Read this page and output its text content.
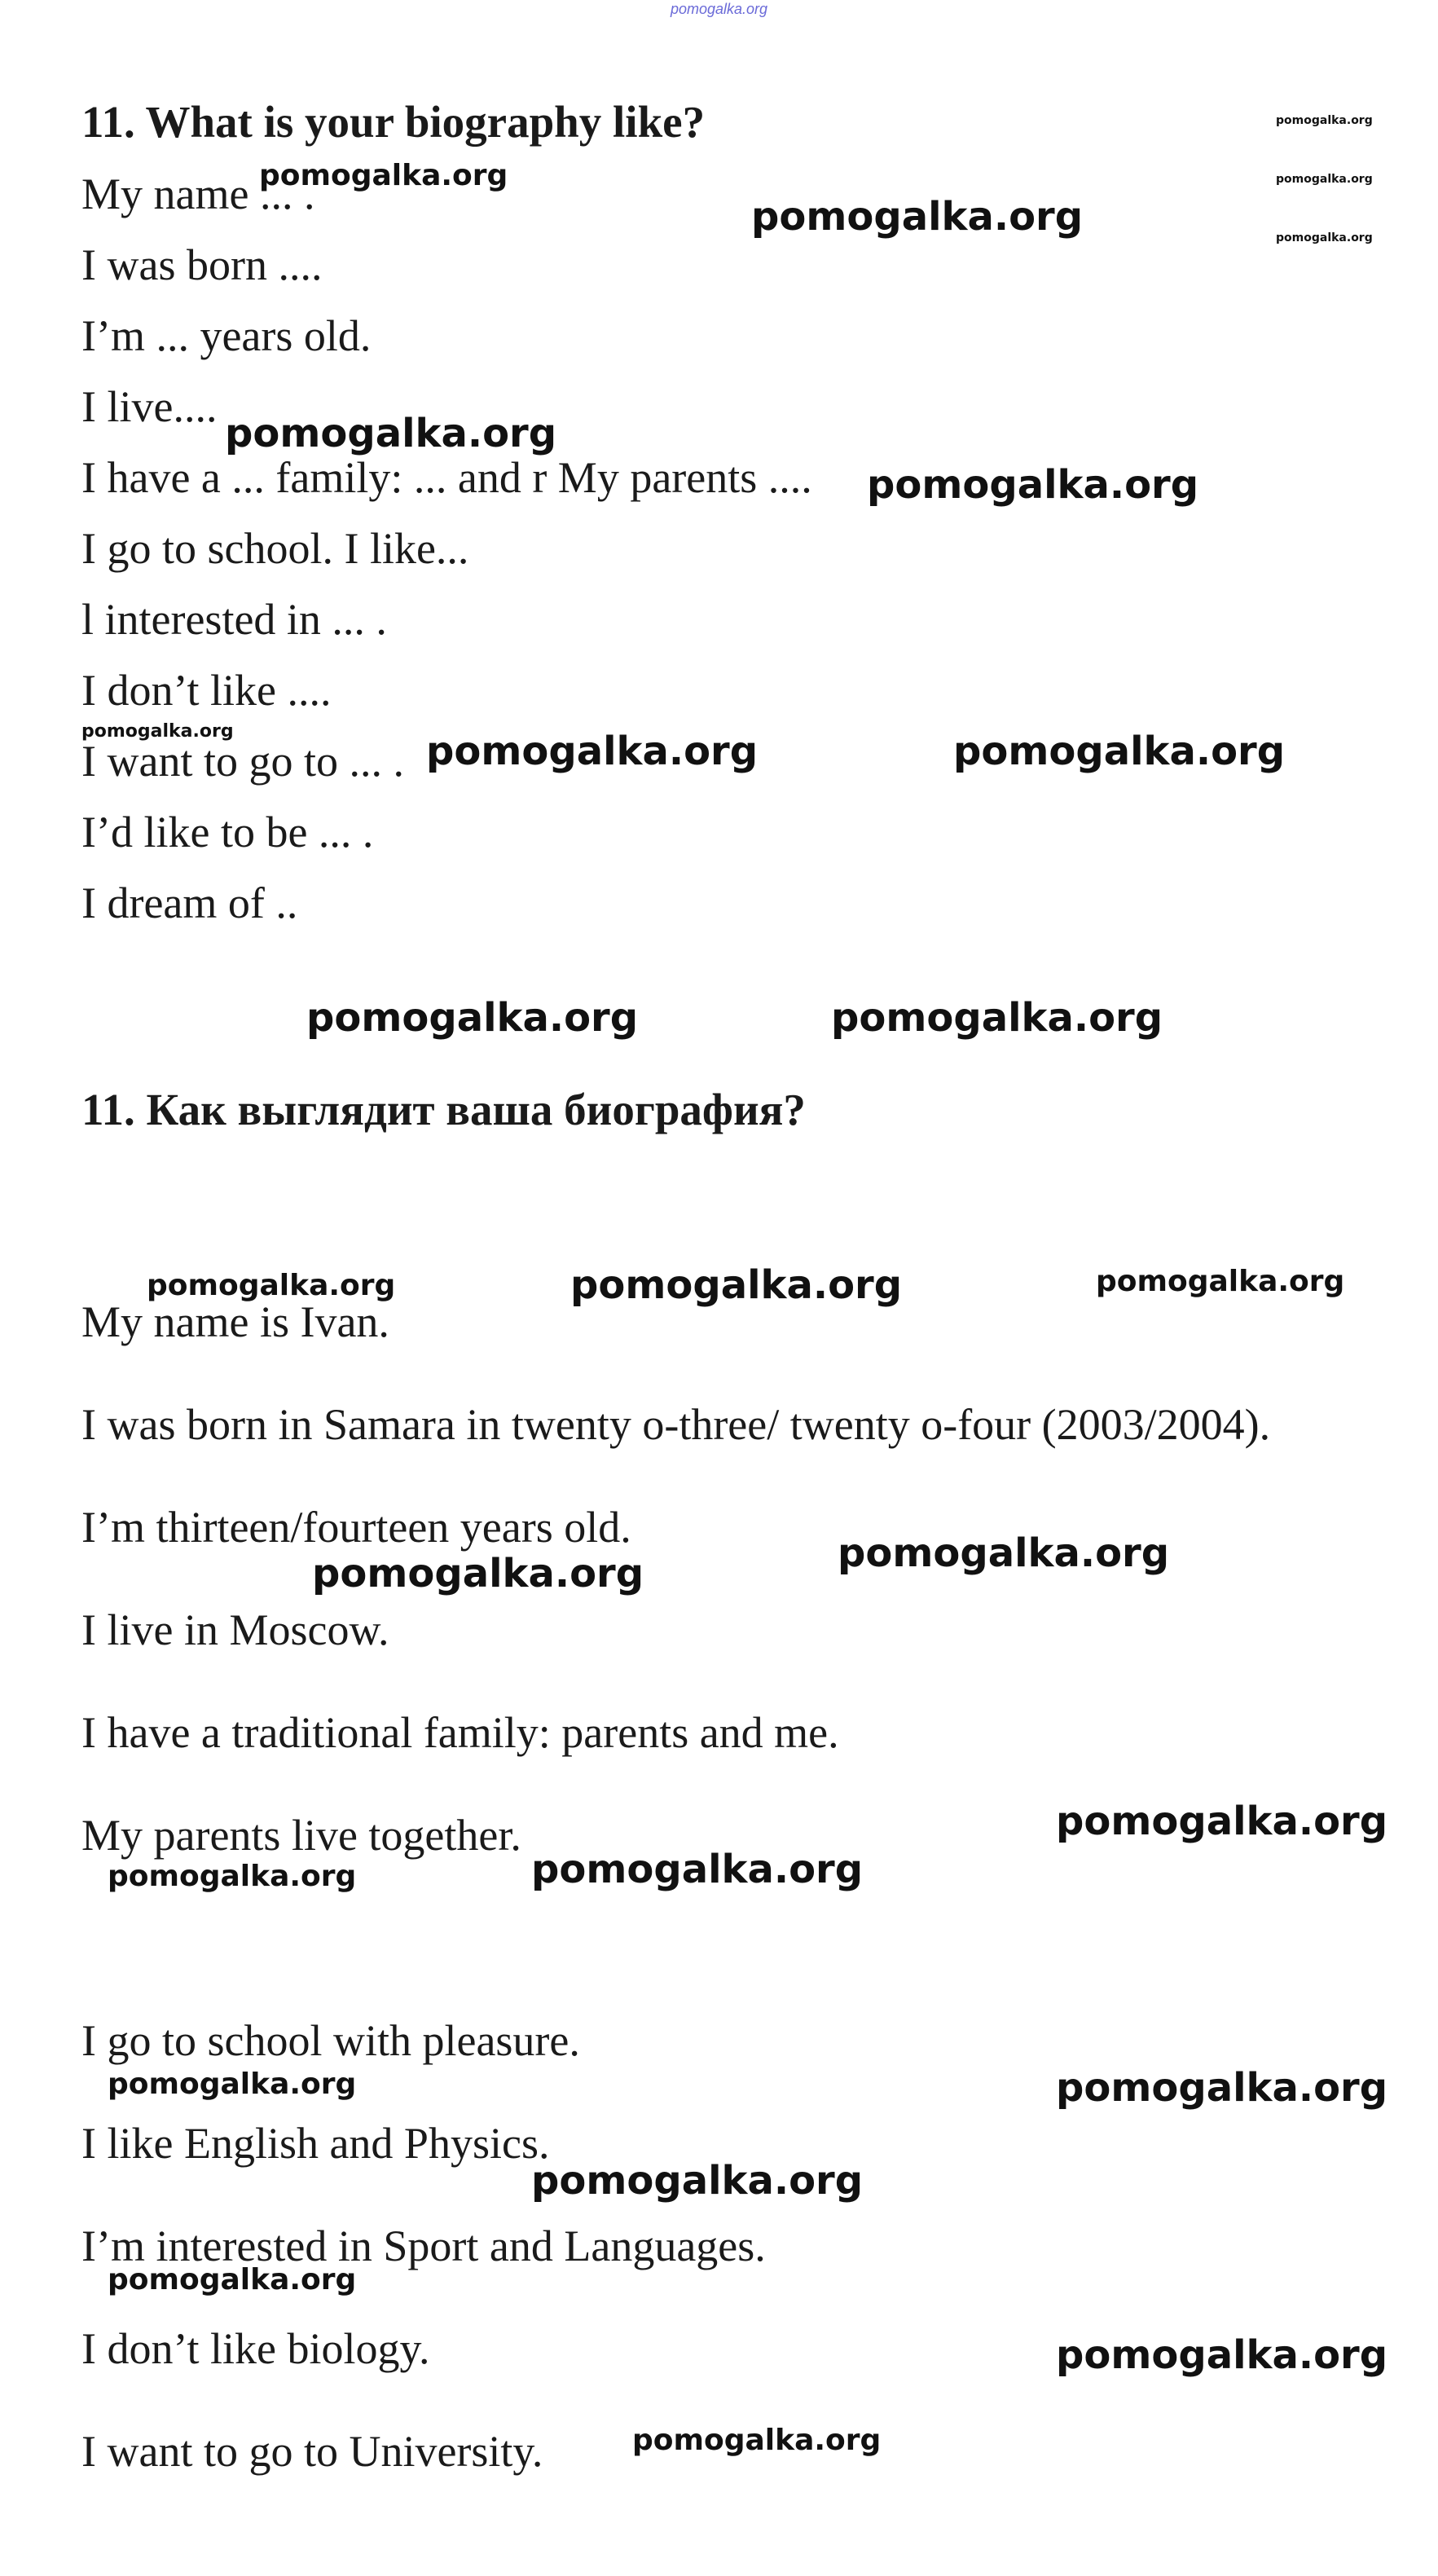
pomogalka.org
11. What is your biography like?
My name ... .
I was born ....
I’m ... years old.
I live....
I have a ... family: ... and r My parents ....
I go to school. I like...
l interested in ... .
I don’t like ....
I want to go to ... .
I’d like to be ... .
I dream of ..
11. Как выглядит ваша биография?
My name is Ivan.
I was born in Samara in twenty o-three/ twenty o-four (2003/2004).
I’m thirteen/fourteen years old.
I live in Moscow.
I have a traditional family: parents and me.
My parents live together.
I go to school with pleasure.
I like English and Physics.
I’m interested in Sport and Languages.
I don’t like biology.
I want to go to University.
pomogalka.org
pomogalka.org
pomogalka.org
pomogalka.org
pomogalka.org
pomogalka.org
pomogalka.org
pomogalka.org	pomogalka.org	pomogalka.org
pomogalka.org	pomogalka.org
pomogalka.org	pomogalka.org	pomogalka.org
pomogalka.org
pomogalka.org
pomogalka.org
pomogalka.org	pomogalka.org
pomogalka.org	pomogalka.org
pomogalka.org
pomogalka.org
pomogalka.org
pomogalka.org
